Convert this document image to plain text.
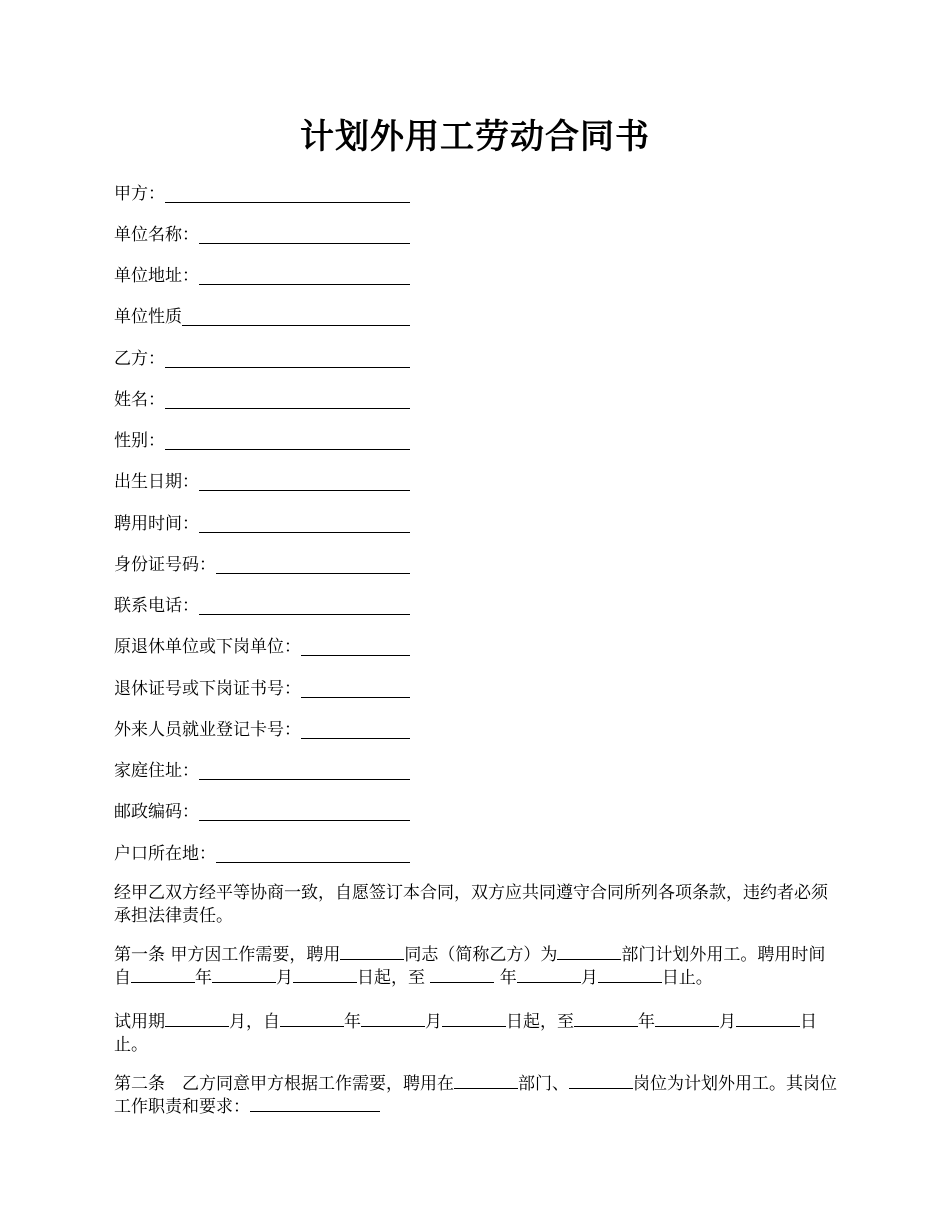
计划外用工劳动合同书
甲方：
单位名称：
单位地址：
单位性质
乙方：
姓名：
性别：
出生日期：
聘用时间：
身份证号码：
联系电话：
原退休单位或下岗单位：
退休证号或下岗证书号：
外来人员就业登记卡号：
家庭住址：
邮政编码：
户口所在地：

经甲乙双方经平等协商一致，自愿签订本合同，双方应共同遵守合同所列各项条款，违约者必须承担法律责任。

第一条 甲方因工作需要，聘用	同志（简称乙方）为	部门计划外用工。聘用时间自	年	月	日起，至	年	月	日止。

试用期	月，自	年	月	日起，至	年	月	日止。

第二条　乙方同意甲方根据工作需要，聘用在	部门、	岗位为计划外用工。其岗位工作职责和要求：
